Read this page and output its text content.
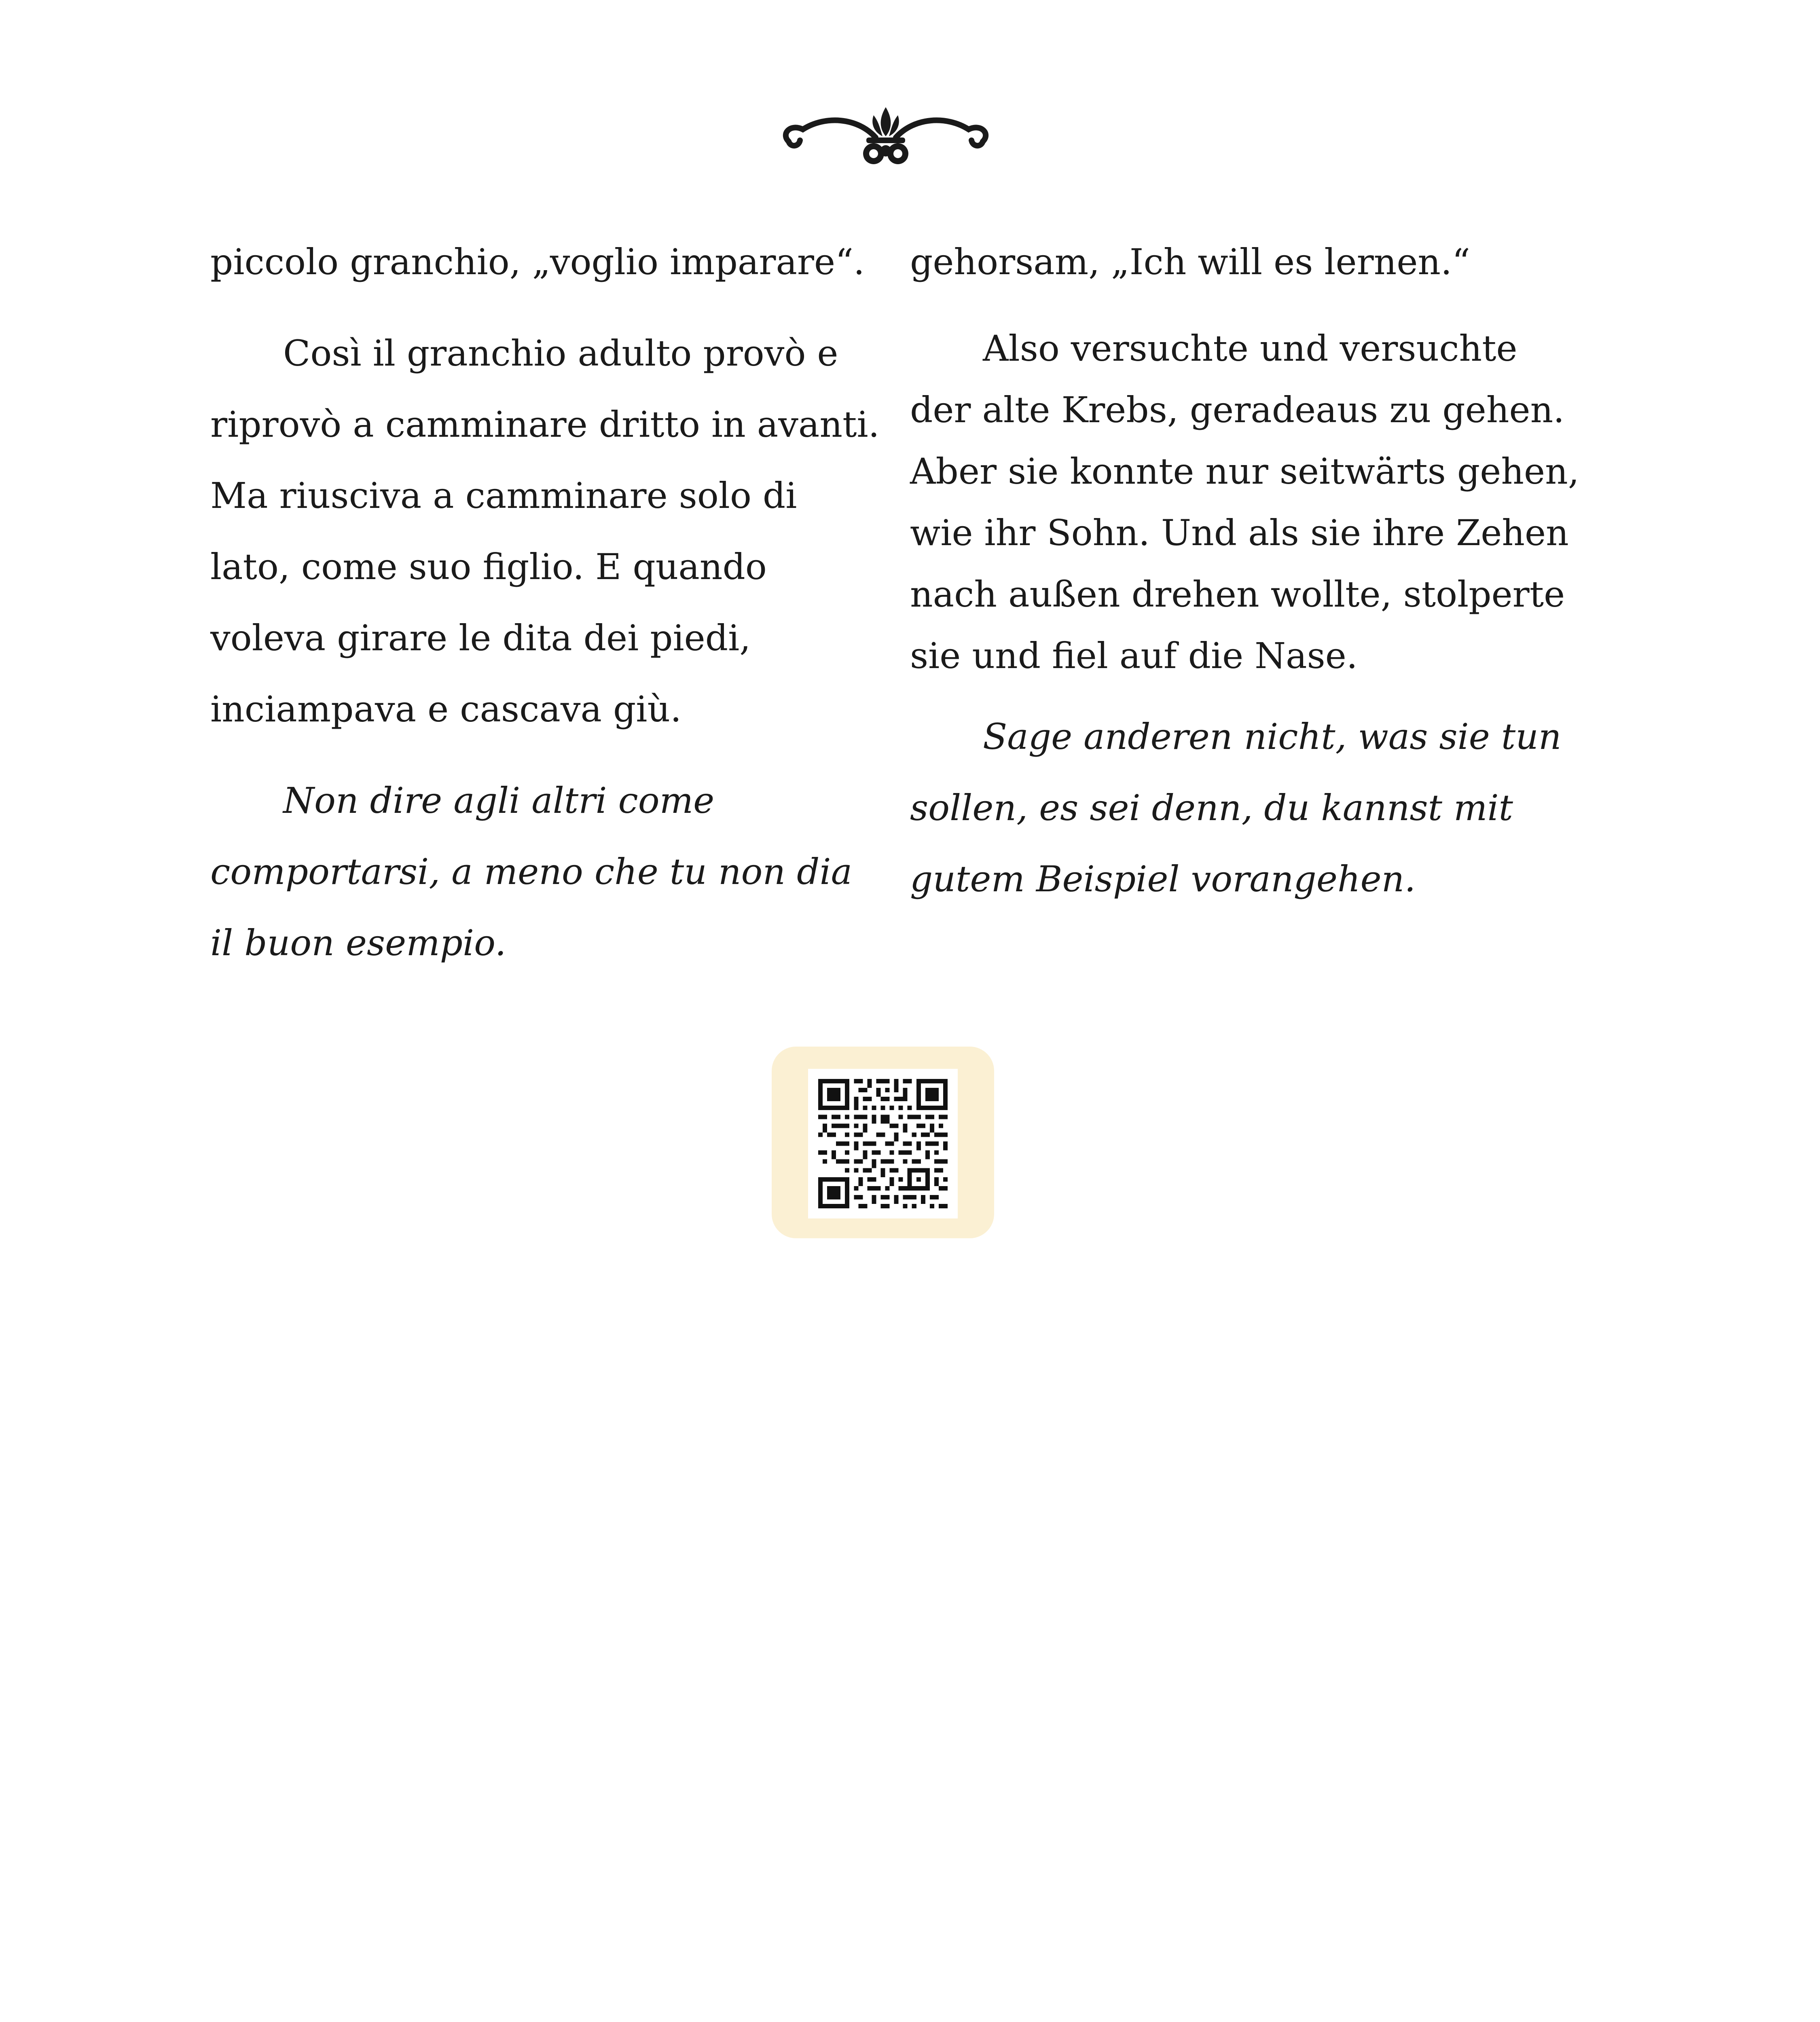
piccolo granchio, „voglio imparare“.

Così il granchio adulto provò e riprovò a camminare dritto in avanti. Ma riusciva a camminare solo di lato, come suo figlio. E quando voleva girare le dita dei piedi, inciampava e cascava giù.

Non dire agli altri come comportarsi, a meno che tu non dia il buon esempio.

gehorsam, „Ich will es lernen.“

Also versuchte und versuchte der alte Krebs, geradeaus zu gehen. Aber sie konnte nur seitwärts gehen, wie ihr Sohn. Und als sie ihre Zehen nach außen drehen wollte, stolperte sie und fiel auf die Nase.

Sage anderen nicht, was sie tun sollen, es sei denn, du kannst mit gutem Beispiel vorangehen.
